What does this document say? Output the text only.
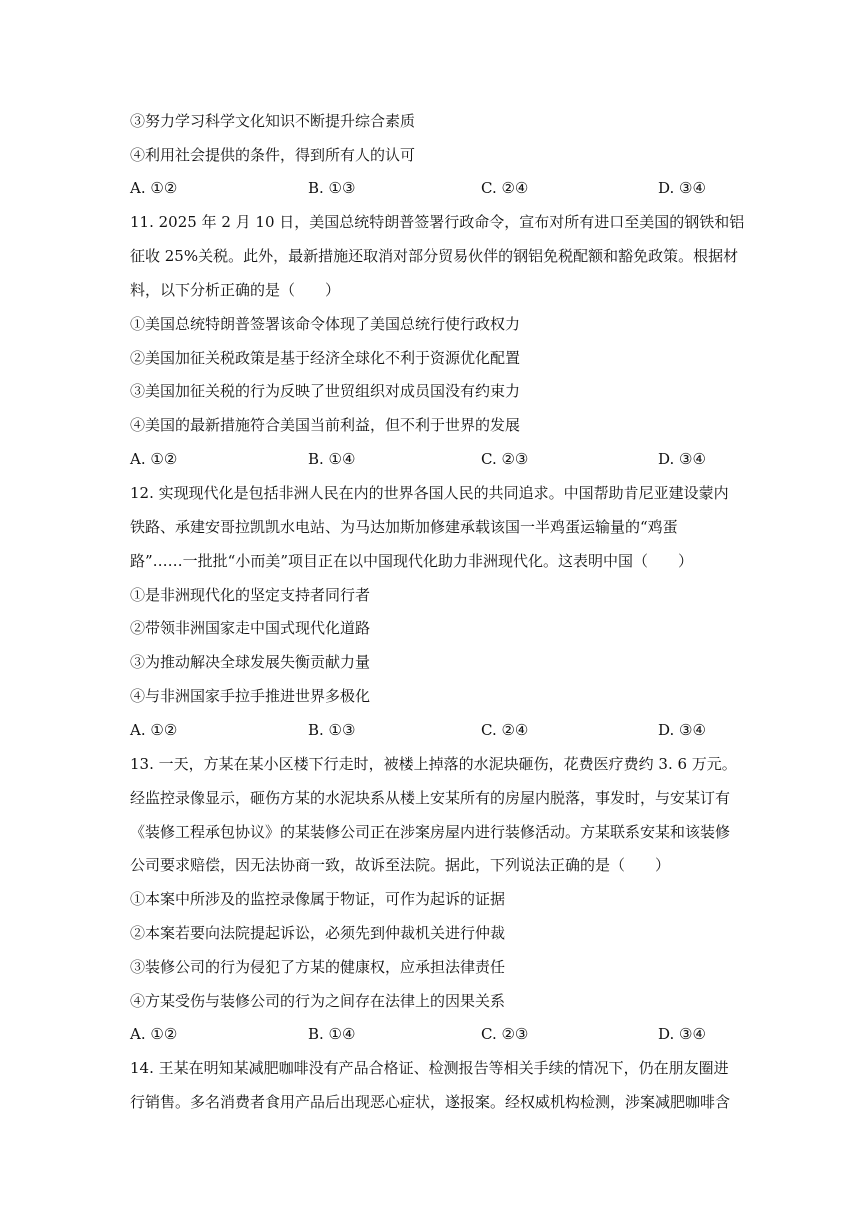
③努力学习科学文化知识不断提升综合素质
④利用社会提供的条件，得到所有人的认可
A. ①②	B. ①③	C. ②④	D. ③④
11. 2025 年 2 月 10 日，美国总统特朗普签署行政命令，宣布对所有进口至美国的钢铁和铝
征收 25%关税。此外，最新措施还取消对部分贸易伙伴的钢铝免税配额和豁免政策。根据材
料，以下分析正确的是（　　）
①美国总统特朗普签署该命令体现了美国总统行使行政权力
②美国加征关税政策是基于经济全球化不利于资源优化配置
③美国加征关税的行为反映了世贸组织对成员国没有约束力
④美国的最新措施符合美国当前利益，但不利于世界的发展
A. ①②	B. ①④	C. ②③	D. ③④
12. 实现现代化是包括非洲人民在内的世界各国人民的共同追求。中国帮助肯尼亚建设蒙内
铁路、承建安哥拉凯凯水电站、为马达加斯加修建承载该国一半鸡蛋运输量的“鸡蛋
路”……一批批“小而美”项目正在以中国现代化助力非洲现代化。这表明中国（　　）
①是非洲现代化的坚定支持者同行者
②带领非洲国家走中国式现代化道路
③为推动解决全球发展失衡贡献力量
④与非洲国家手拉手推进世界多极化
A. ①②	B. ①③	C. ②④	D. ③④
13. 一天，方某在某小区楼下行走时，被楼上掉落的水泥块砸伤，花费医疗费约 3. 6 万元。
经监控录像显示，砸伤方某的水泥块系从楼上安某所有的房屋内脱落，事发时，与安某订有
《装修工程承包协议》的某装修公司正在涉案房屋内进行装修活动。方某联系安某和该装修
公司要求赔偿，因无法协商一致，故诉至法院。据此，下列说法正确的是（　　）
①本案中所涉及的监控录像属于物证，可作为起诉的证据
②本案若要向法院提起诉讼，必须先到仲裁机关进行仲裁
③装修公司的行为侵犯了方某的健康权，应承担法律责任
④方某受伤与装修公司的行为之间存在法律上的因果关系
A. ①②	B. ①④	C. ②③	D. ③④
14. 王某在明知某减肥咖啡没有产品合格证、检测报告等相关手续的情况下，仍在朋友圈进
行销售。多名消费者食用产品后出现恶心症状，遂报案。经权威机构检测，涉案减肥咖啡含
